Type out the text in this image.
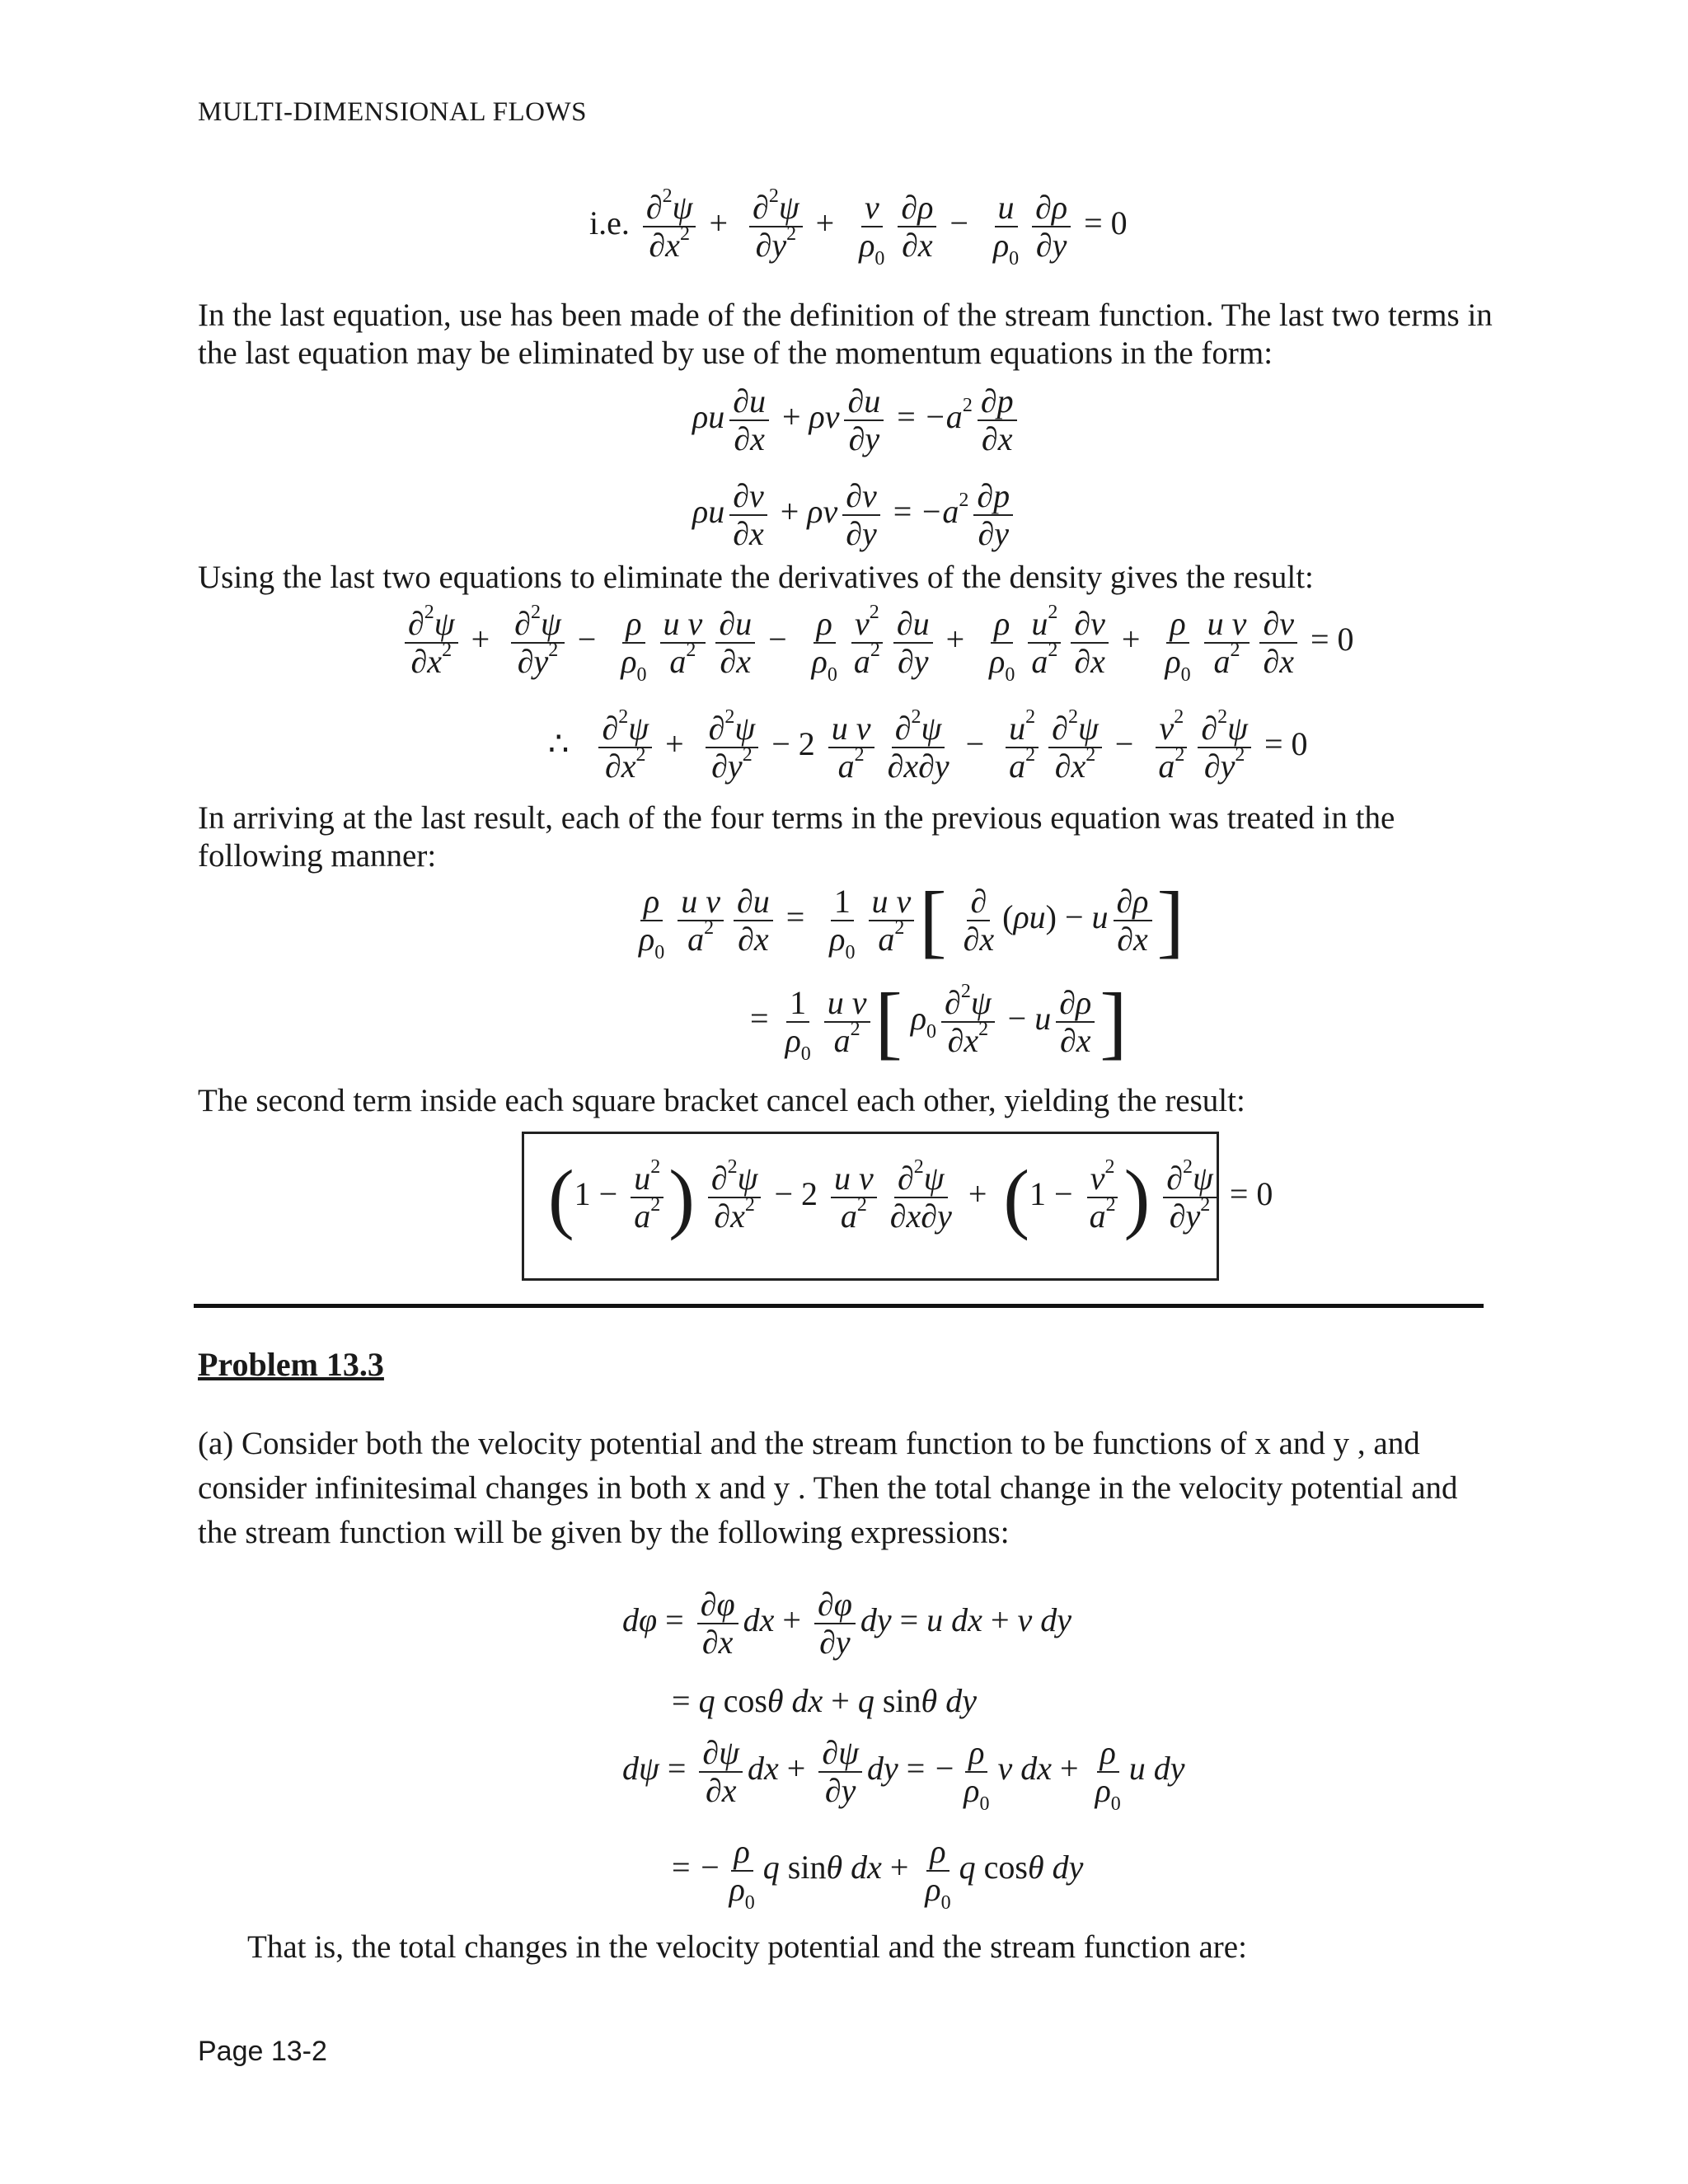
MULTI-DIMENSIONAL FLOWS
i.e. $\frac{\partial^2\psi}{\partial x^2} + \frac{\partial^2\psi}{\partial y^2} + \frac{v}{\rho_0} \frac{\partial\rho}{\partial x} - \frac{u}{\rho_0} \frac{\partial\rho}{\partial y} = 0$
In the last equation, use has been made of the definition of the stream function. The last two terms in the last equation may be eliminated by use of the momentum equations in the form:
ρu $\frac{\partial u}{\partial x} + \rho v \frac{\partial u}{\partial y} = -a^2 \frac{\partial p}{\partial x}$
ρu $\frac{\partial v}{\partial x} + \rho v \frac{\partial v}{\partial y} = -a^2 \frac{\partial p}{\partial y}$
Using the last two equations to eliminate the derivatives of the density gives the result:
$\frac{\partial^2\psi}{\partial x^2} + \frac{\partial^2\psi}{\partial y^2} - \frac{\rho}{\rho_0} \frac{\text{u v}}{a^2} \frac{\partial u}{\partial x} - \frac{\rho}{\rho_0} \frac{v^2}{a^2} \frac{\partial u}{\partial y} + \frac{\rho}{\rho_0} \frac{u^2}{a^2} \frac{\partial v}{\partial x} + \frac{\rho}{\rho_0} \frac{\text{u v}}{a^2} \frac{\partial v}{\partial x} = 0$
∴ $\frac{\partial^2\psi}{\partial x^2} + \frac{\partial^2\psi}{\partial y^2} - 2 \frac{\text{u v}}{a^2} \frac{\partial^2\psi}{\partial x\partial y} - \frac{u^2}{a^2} \frac{\partial^2\psi}{\partial x^2} - \frac{v^2}{a^2} \frac{\partial^2\psi}{\partial y^2} = 0$
In arriving at the last result, each of the four terms in the previous equation was treated in the following manner:
$\frac{\rho}{\rho_0} \frac{\text{u v}}{a^2} \frac{\partial u}{\partial x} = \frac{1}{\rho_0} \frac{\text{u v}}{a^2}$ [ $\frac{\partial}{\partial x} (\rho u) - u \frac{\partial\rho}{\partial x}$ ]
= $\frac{1}{\rho_0} \frac{\text{u v}}{a^2}$ [ $\rho_0 \frac{\partial^2\psi}{\partial x^2} - u \frac{\partial\rho}{\partial x}$ ]
The second term inside each square bracket cancel each other, yielding the result:
($1 - \frac{u^2}{a^2}$ ) $\frac{\partial^2\psi}{\partial x^2} - 2 \frac{\text{u v}}{a^2} \frac{\partial^2\psi}{\partial x\partial y} + (1 - \frac{v^2}{a^2}$ ) $\frac{\partial^2\psi}{\partial y^2} = 0$
Problem 13.3
(a) Consider both the velocity potential and the stream function to be functions of x and y , and consider infinitesimal changes in both x and y . Then the total change in the velocity potential and the stream function will be given by the following expressions:
$d\varphi = \frac{\partial\varphi}{\partial x}$ dx + $\frac{\partial\varphi}{\partial y}$ dy = u dx + v dy
= q cosθ dx + q sinθ dy
$d\psi = \frac{\partial\psi}{\partial x}$ dx + $\frac{\partial\psi}{\partial y}$ dy = − $\frac{\rho}{\rho_0}$ v dx + $\frac{\rho}{\rho_0}$ u dy
= − $\frac{\rho}{\rho_0}$ q sinθ dx + $\frac{\rho}{\rho_0}$ q cosθ dy
That is, the total changes in the velocity potential and the stream function are:
Page 13-2
